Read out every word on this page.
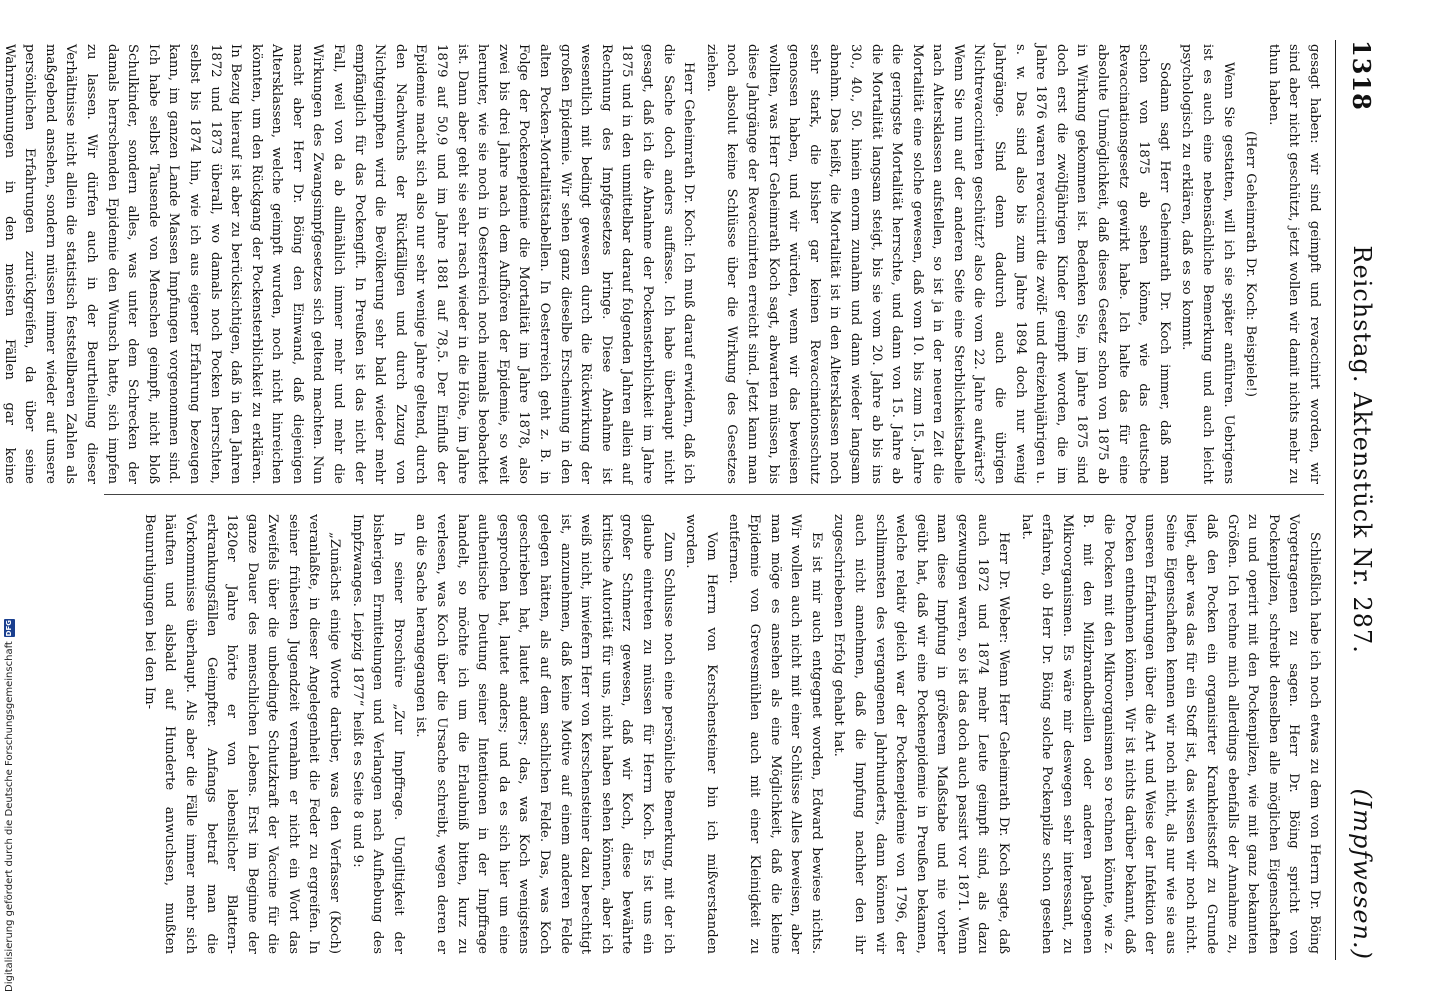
1318
Reichstag. Aktenstück Nr. 287.
(Impfwesen.)

gesagt haben: wir sind geimpft und revaccinirt worden, wir sind aber nicht geschützt, jetzt wollen wir damit nichts mehr zu thun haben.

(Herr Geheimrath Dr. Koch: Beispiele!)

Wenn Sie gestatten, will ich sie später anführen. Uebrigens ist es auch eine nebensächliche Bemerkung und auch leicht psychologisch zu erklären, daß es so kommt.

Sodann sagt Herr Geheimrath Dr. Koch immer, daß man schon von 1875 ab sehen könne, wie das deutsche Revaccinationsgesetz gewirkt habe. Ich halte das für eine absolute Unmöglichkeit, daß dieses Gesetz schon von 1875 ab in Wirkung gekommen ist. Bedenken Sie, im Jahre 1875 sind doch erst die zwölfjährigen Kinder geimpft worden, die im Jahre 1876 waren revaccinirt die zwölf- und dreizehnjährigen u. s. w. Das sind also bis zum Jahre 1894 doch nur wenig Jahrgänge. Sind denn dadurch auch die übrigen Nichtrevaccinirten geschützt? also die vom 22. Jahre aufwärts? Wenn Sie nun auf der anderen Seite eine Sterblichkeitstabelle nach Altersklassen aufstellen, so ist ja in der neueren Zeit die Mortalität eine solche gewesen, daß vom 10. bis zum 15. Jahre die geringste Mortalität herrschte, und dann von 15. Jahre ab die Mortalität langsam steigt, bis sie vom 20. Jahre ab bis ins 30., 40., 50. hinein enorm zunahm und dann wieder langsam abnahm. Das heißt, die Mortalität ist in den Altersklassen noch sehr stark, die bisher gar keinen Revaccinationsschutz genossen haben, und wir würden, wenn wir das beweisen wollten, was Herr Geheimrath Koch sagt, abwarten müssen, bis diese Jahrgänge der Revaccinirten erreicht sind. Jetzt kann man noch absolut keine Schlüsse über die Wirkung des Gesetzes ziehen.

Herr Geheimrath Dr. Koch: Ich muß darauf erwidern, daß ich die Sache doch anders auffasse. Ich habe überhaupt nicht gesagt, daß ich die Abnahme der Pockensterblichkeit im Jahre 1875 und in den unmittelbar darauf folgenden Jahren allein auf Rechnung des Impfgesetzes bringe. Diese Abnahme ist wesentlich mit bedingt gewesen durch die Rückwirkung der großen Epidemie. Wir sehen ganz dieselbe Erscheinung in den alten Pocken-Mortalitätstabellen. In Oesterreich geht z. B. in Folge der Pockenepidemie die Mortalität im Jahre 1878, also zwei bis drei Jahre nach dem Aufhören der Epidemie, so weit herunter, wie sie noch in Oesterreich noch niemals beobachtet ist. Dann aber geht sie sehr rasch wieder in die Höhe, im Jahre 1879 auf 50,9 und im Jahre 1881 auf 78,5. Der Einfluß der Epidemie macht sich also nur sehr wenige Jahre geltend, durch den Nachwuchs der Rückfälligen und durch Zuzug von Nichtgeimpften wird die Bevölkerung sehr bald wieder mehr empfänglich für das Pockengift. In Preußen ist das nicht der Fall, weil von da ab allmählich immer mehr und mehr die Wirkungen des Zwangsimpfgesetzes sich geltend machten. Nun macht aber Herr Dr. Böing den Einwand, daß diejenigen Altersklassen, welche geimpft wurden, noch nicht hinreichen könnten, um den Rückgang der Pockensterblichkeit zu erklären. In Bezug hierauf ist aber zu berücksichtigen, daß in den Jahren 1872 und 1873 überall, wo damals noch Pocken herrschten, selbst bis 1874 hin, wie ich aus eigener Erfahrung bezeugen kann, im ganzen Lande Massen Impfungen vorgenommen sind. Ich habe selbst Tausende von Menschen geimpft, nicht bloß Schulkinder, sondern alles, was unter dem Schrecken der damals herrschenden Epidemie den Wunsch hatte, sich impfen zu lassen. Wir dürfen auch in der Beurtheilung dieser Verhältnisse nicht allein die statistisch feststellbaren Zahlen als maßgebend ansehen, sondern müssen immer wieder auf unsere persönlichen Erfahrungen zurückgreifen, da über seine Wahrnehmungen in den meisten Fällen gar keine

Schließlich habe ich noch etwas zu dem von Herrn Dr. Böing Vorgetragenen zu sagen. Herr Dr. Böing spricht von Pockenpilzen, schreibt denselben alle möglichen Eigenschaften zu und operirt mit den Pockenpilzen, wie mit ganz bekannten Größen. Ich rechne mich allerdings ebenfalls der Annahme zu, daß den Pocken ein organisirter Krankheitsstoff zu Grunde liegt, aber was das für ein Stoff ist, das wissen wir noch nicht. Seine Eigenschaften kennen wir noch nicht, als nur wie sie aus unseren Erfahrungen über die Art und Weise der Infektion der Pocken entnehmen können. Wir ist nichts darüber bekannt, daß die Pocken mit den Mikroorganismen so rechnen könnte, wie z. B. mit den Milzbrandbacillen oder anderen pathogenen Mikroorganismen. Es wäre mir deswegen sehr interessant, zu erfahren, ob Herr Dr. Böing solche Pockenpilze schon gesehen hat.

Herr Dr. Weber: Wenn Herr Geheimrath Dr. Koch sagte, daß auch 1872 und 1874 mehr Leute geimpft sind, als dazu gezwungen waren, so ist das doch auch passirt vor 1871. Wenn man diese Impfung in größerem Maßstabe und nie vorher geübt hat, daß wir eine Pockenepidemie in Preußen bekamen, welche relativ gleich war der Pockenepidemie von 1796, der schlimmsten des vergangenen Jahrhunderts, dann können wir auch nicht annehmen, daß die Impfung nachher den ihr zugeschriebenen Erfolg gehabt hat.

Es ist mir auch entgegnet worden, Edward bewiese nichts. Wir wollen auch nicht mit einer Schlüsse Alles beweisen, aber man möge es ansehen als eine Möglichkeit, daß die kleine Epidemie von Grevesmühlen auch mit einer Kleinigkeit zu entfernen.

Vom Herrn von Kerschensteiner bin ich mißverstanden worden.

Zum Schlusse noch eine persönliche Bemerkung, mit der ich glaube eintreten zu müssen für Herrn Koch. Es ist uns ein großer Schmerz gewesen, daß wir Koch, diese bewährte kritische Autorität für uns, nicht haben sehen können, aber ich weiß nicht, inwiefern Herr von Kerschensteiner dazu berechtigt ist, anzunehmen, daß keine Motive auf einem anderen Felde gelegen hätten, als auf dem sachlichen Felde. Das, was Koch geschrieben hat, lautet anders; das, was Koch wenigstens gesprochen hat, lautet anders; und da es sich hier um eine authentische Deutung seiner Intentionen in der Impffrage handelt, so möchte ich um die Erlaubniß bitten, kurz zu verlesen, was Koch über die Ursache schreibt, wegen deren er an die Sache herangegangen ist.

In seiner Broschüre „Zur Impffrage. Ungiltigkeit der bisherigen Ermittelungen und Verlangen nach Aufhebung des Impfzwanges. Leipzig 1877“ heißt es Seite 8 und 9:

„Zunächst einige Worte darüber, was den Verfasser (Koch) veranlaßte, in dieser Angelegenheit die Feder zu ergreifen. In seiner frühesten Jugendzeit vernahm er nicht ein Wort das Zweifels über die unbedingte Schutzkraft der Vaccine für die ganze Dauer des menschlichen Lebens. Erst im Beginne der 1820er Jahre hörte er von lebenslicher Blattern-erkrankungsfällen Geimpfter. Anfangs betraf man die Vorkommnisse überhaupt. Als aber die Fälle immer mehr sich häuften und alsbald auf Hunderte anwuchsen, mußten Beunruhigungen bei den Im-

Digitalisierung gefördert durch die Deutsche Forschungsgemeinschaft
DFG
